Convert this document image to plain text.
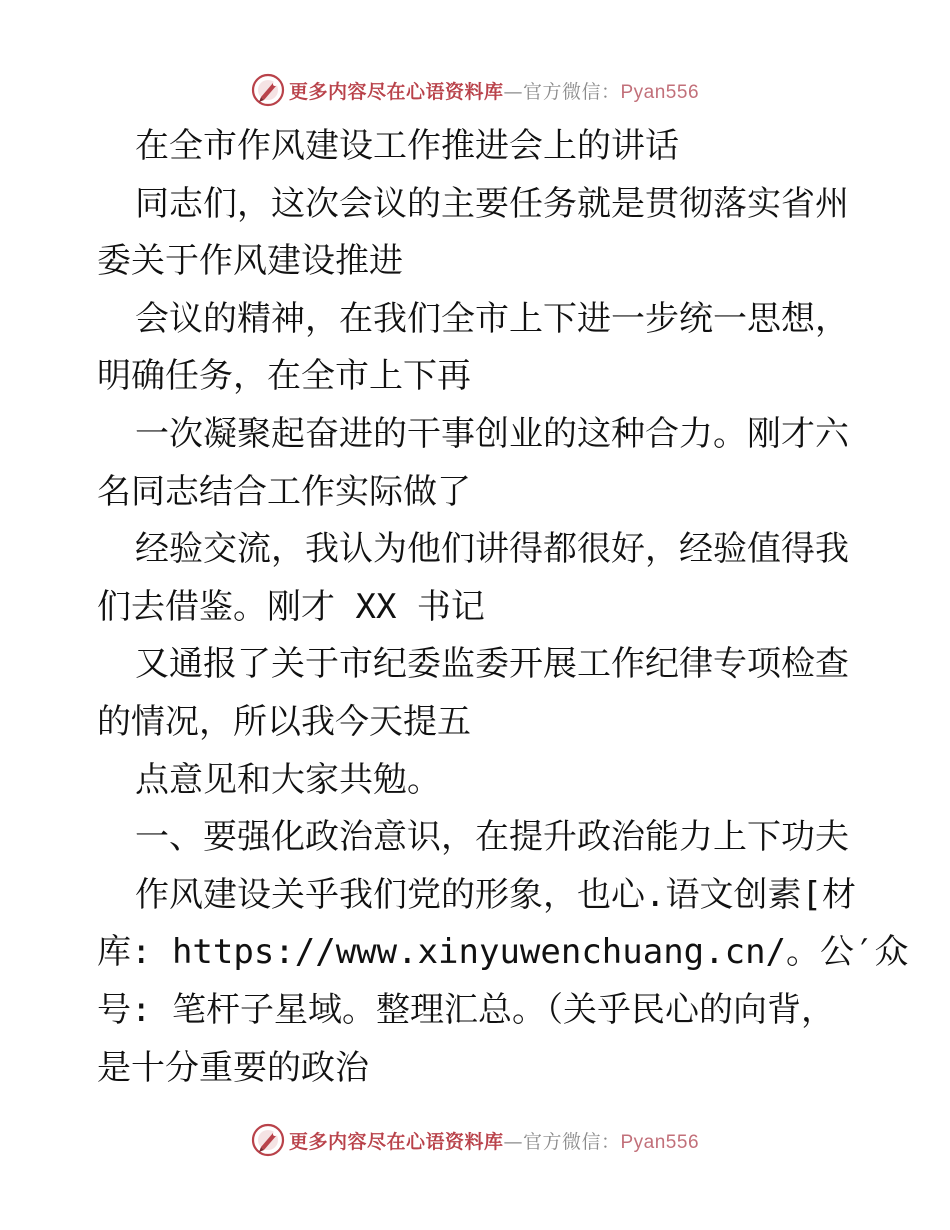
更多内容尽在心语资料库—官方微信：Pyan556

在全市作风建设工作推进会上的讲话

同志们，这次会议的主要任务就是贯彻落实省州

委关于作风建设推进

会议的精神，在我们全市上下进一步统一思想，

明确任务，在全市上下再

一次凝聚起奋进的干事创业的这种合力。刚才六

名同志结合工作实际做了

经验交流，我认为他们讲得都很好，经验值得我

们去借鉴。刚才 XX 书记

又通报了关于市纪委监委开展工作纪律专项检查

的情况，所以我今天提五

点意见和大家共勉。

一、要强化政治意识，在提升政治能力上下功夫

作风建设关乎我们党的形象，也心.语文创素[材

库: https://www.xinyuwenchuang.cn/。公′众

号: 笔杆子星域。整理汇总。（关乎民心的向背，

是十分重要的政治

更多内容尽在心语资料库—官方微信：Pyan556
